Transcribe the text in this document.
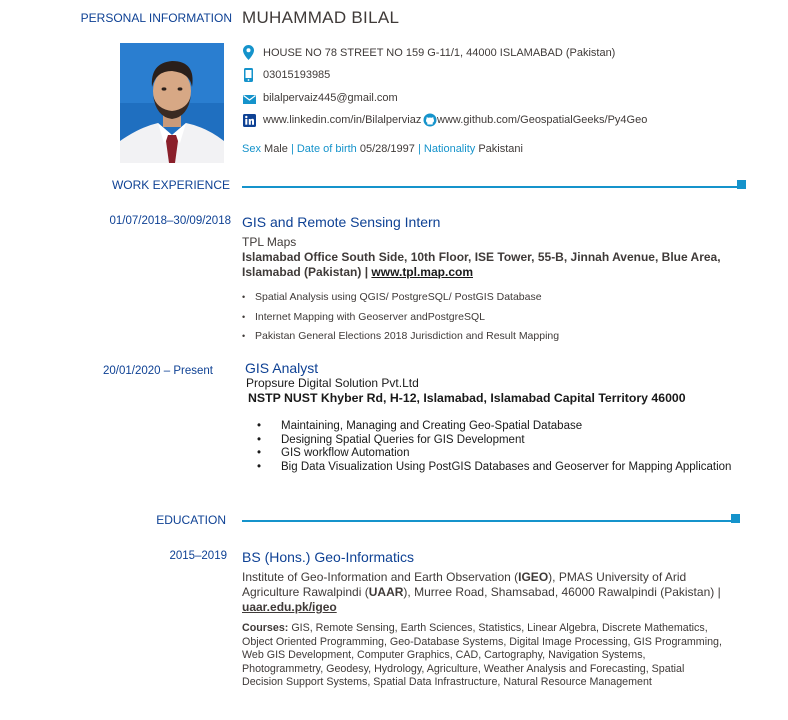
PERSONAL INFORMATION MUHAMMAD BILAL
HOUSE NO 78 STREET NO 159 G-11/1, 44000 ISLAMABAD (Pakistan)
03015193985
bilalpervaiz445@gmail.com
www.linkedin.com/in/Bilalperviaz www.github.com/GeospatialGeeks/Py4Geo
Sex Male | Date of birth 05/28/1997 | Nationality Pakistani
WORK EXPERIENCE
01/07/2018–30/09/2018 GIS and Remote Sensing Intern
TPL Maps
Islamabad Office South Side, 10th Floor, ISE Tower, 55-B, Jinnah Avenue, Blue Area,
Islamabad (Pakistan) | www.tpl.map.com
• Spatial Analysis using QGIS/ PostgreSQL/ PostGIS Database
• Internet Mapping with Geoserver andPostgreSQL
• Pakistan General Elections 2018 Jurisdiction and Result Mapping
20/01/2020 – Present GIS Analyst
Propsure Digital Solution Pvt.Ltd
NSTP NUST Khyber Rd, H-12, Islamabad, Islamabad Capital Territory 46000
• Maintaining, Managing and Creating Geo-Spatial Database
• Designing Spatial Queries for GIS Development
• GIS workflow Automation
• Big Data Visualization Using PostGIS Databases and Geoserver for Mapping Application
EDUCATION
2015–2019 BS (Hons.) Geo-Informatics
Institute of Geo-Information and Earth Observation (IGEO), PMAS University of Arid
Agriculture Rawalpindi (UAAR), Murree Road, Shamsabad, 46000 Rawalpindi (Pakistan) |
uaar.edu.pk/igeo
Courses: GIS, Remote Sensing, Earth Sciences, Statistics, Linear Algebra, Discrete Mathematics,
Object Oriented Programming, Geo-Database Systems, Digital Image Processing, GIS Programming,
Web GIS Development, Computer Graphics, CAD, Cartography, Navigation Systems,
Photogrammetry, Geodesy, Hydrology, Agriculture, Weather Analysis and Forecasting, Spatial
Decision Support Systems, Spatial Data Infrastructure, Natural Resource Management
